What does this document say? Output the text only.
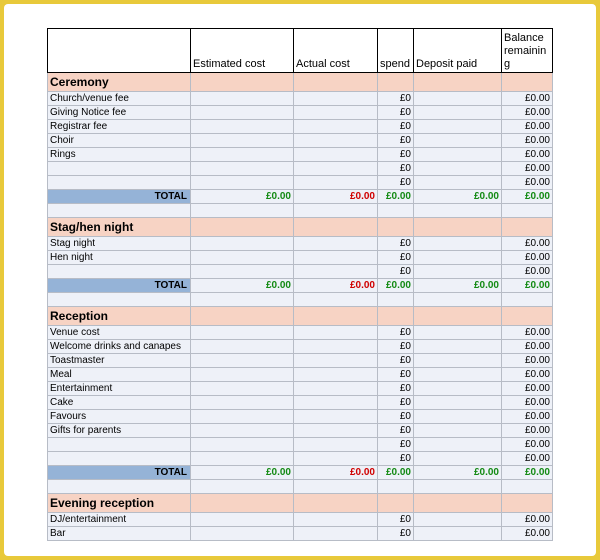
	Estimated cost	Actual cost	spend	Deposit paid	Balance remaining
Ceremony					
Church/venue fee			£0		£0.00
Giving Notice fee			£0		£0.00
Registrar fee			£0		£0.00
Choir			£0		£0.00
Rings			£0		£0.00
			£0		£0.00
			£0		£0.00
TOTAL	£0.00	£0.00	£0.00	£0.00	£0.00

Stag/hen night					
Stag night			£0		£0.00
Hen night			£0		£0.00
			£0		£0.00
TOTAL	£0.00	£0.00	£0.00	£0.00	£0.00

Reception					
Venue cost			£0		£0.00
Welcome drinks and canapes			£0		£0.00
Toastmaster			£0		£0.00
Meal			£0		£0.00
Entertainment			£0		£0.00
Cake			£0		£0.00
Favours			£0		£0.00
Gifts for parents			£0		£0.00
			£0		£0.00
			£0		£0.00
TOTAL	£0.00	£0.00	£0.00	£0.00	£0.00

Evening reception					
DJ/entertainment			£0		£0.00
Bar			£0		£0.00
